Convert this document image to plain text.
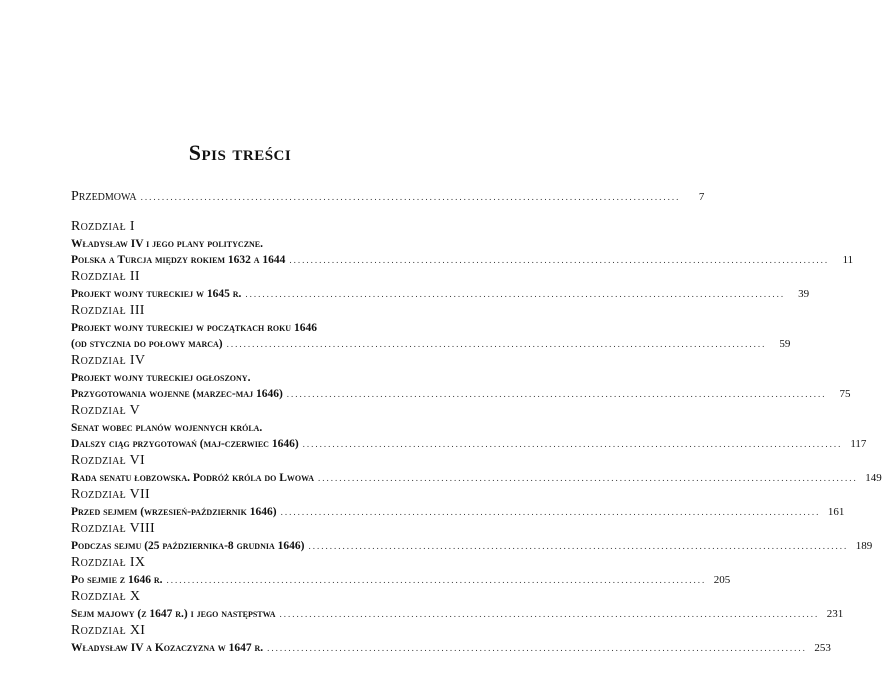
Spis treści
Przedmowa .....	7
Rozdział I
Władysław IV i jego plany polityczne.
Polska a Turcja między rokiem 1632 a 1644 .....	11
Rozdział II
Projekt wojny tureckiej w 1645 r. .....	39
Rozdział III
Projekt wojny tureckiej w początkach roku 1646
(od stycznia do połowy marca) .....	59
Rozdział IV
Projekt wojny tureckiej ogłoszony.
Przygotowania wojenne (marzec-maj 1646) .....	75
Rozdział V
Senat wobec planów wojennych króla.
Dalszy ciąg przygotowań (maj-czerwiec 1646) .....	117
Rozdział VI
Rada senatu łobzowska. Podróż króla do Lwowa .....	149
Rozdział VII
Przed sejmem (wrzesień-październik 1646) .....	161
Rozdział VIII
Podczas sejmu (25 października-8 grudnia 1646) .....	189
Rozdział IX
Po sejmie z 1646 r. .....	205
Rozdział X
Sejm majowy (z 1647 r.) i jego następstwa .....	231
Rozdział XI
Władysław IV a Kozaczyzna w 1647 r. .....	253
